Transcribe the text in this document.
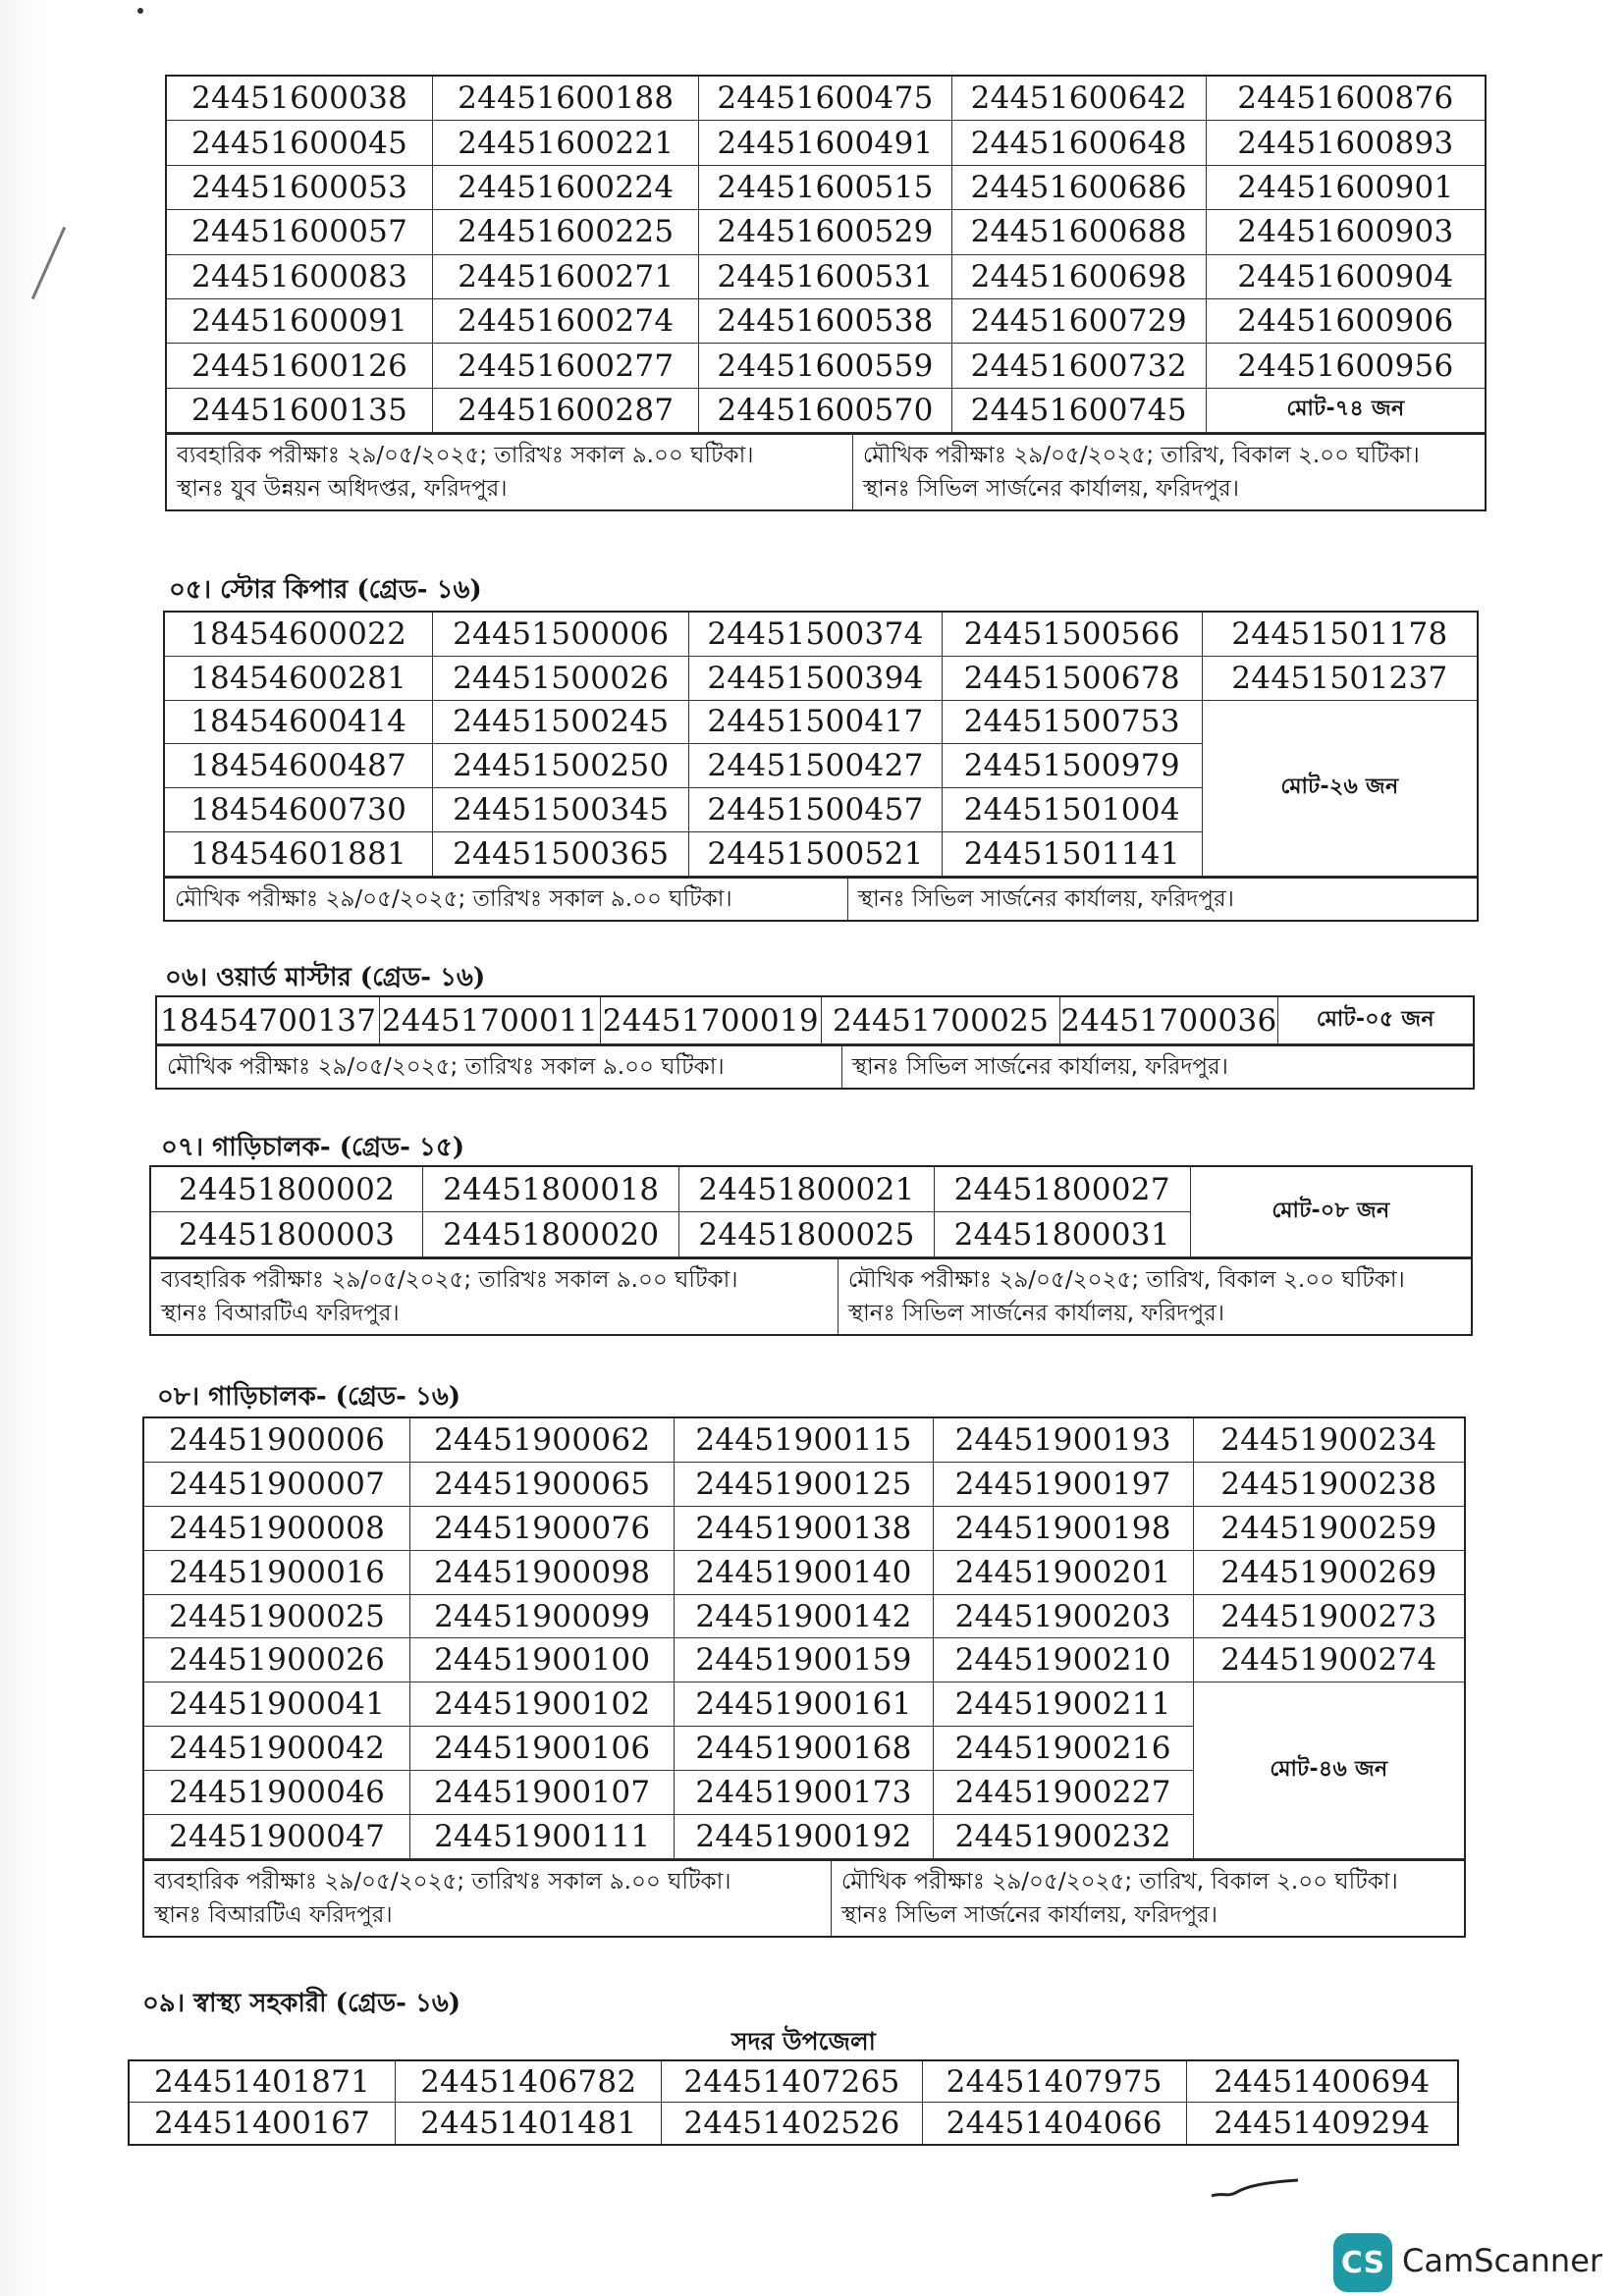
24451600038	24451600188	24451600475	24451600642	24451600876
24451600045	24451600221	24451600491	24451600648	24451600893
24451600053	24451600224	24451600515	24451600686	24451600901
24451600057	24451600225	24451600529	24451600688	24451600903
24451600083	24451600271	24451600531	24451600698	24451600904
24451600091	24451600274	24451600538	24451600729	24451600906
24451600126	24451600277	24451600559	24451600732	24451600956
24451600135	24451600287	24451600570	24451600745	মোট-৭৪ জন
ব্যবহারিক পরীক্ষাঃ ২৯/০৫/২০২৫; তারিখঃ সকাল ৯.০০ ঘটিকা।
স্থানঃ যুব উন্নয়ন অধিদপ্তর, ফরিদপুর।
মৌখিক পরীক্ষাঃ ২৯/০৫/২০২৫; তারিখ, বিকাল ২.০০ ঘটিকা।
স্থানঃ সিভিল সার্জনের কার্যালয়, ফরিদপুর।
০৫। স্টোর কিপার (গ্রেড- ১৬)
18454600022	24451500006	24451500374	24451500566	24451501178
18454600281	24451500026	24451500394	24451500678	24451501237
18454600414	24451500245	24451500417	24451500753
18454600487	24451500250	24451500427	24451500979
18454600730	24451500345	24451500457	24451501004
18454601881	24451500365	24451500521	24451501141
মোট-২৬ জন
মৌখিক পরীক্ষাঃ ২৯/০৫/২০২৫; তারিখঃ সকাল ৯.০০ ঘটিকা।	স্থানঃ সিভিল সার্জনের কার্যালয়, ফরিদপুর।
০৬। ওয়ার্ড মাস্টার (গ্রেড- ১৬)
18454700137 24451700011 24451700019 24451700025 24451700036	মোট-০৫ জন
মৌখিক পরীক্ষাঃ ২৯/০৫/২০২৫; তারিখঃ সকাল ৯.০০ ঘটিকা।	স্থানঃ সিভিল সার্জনের কার্যালয়, ফরিদপুর।
০৭। গাড়িচালক- (গ্রেড- ১৫)
24451800002	24451800018	24451800021	24451800027
24451800003	24451800020	24451800025	24451800031
মোট-০৮ জন
ব্যবহারিক পরীক্ষাঃ ২৯/০৫/২০২৫; তারিখঃ সকাল ৯.০০ ঘটিকা।
স্থানঃ বিআরটিএ ফরিদপুর।
মৌখিক পরীক্ষাঃ ২৯/০৫/২০২৫; তারিখ, বিকাল ২.০০ ঘটিকা।
স্থানঃ সিভিল সার্জনের কার্যালয়, ফরিদপুর।
০৮। গাড়িচালক- (গ্রেড- ১৬)
24451900006	24451900062	24451900115	24451900193	24451900234
24451900007	24451900065	24451900125	24451900197	24451900238
24451900008	24451900076	24451900138	24451900198	24451900259
24451900016	24451900098	24451900140	24451900201	24451900269
24451900025	24451900099	24451900142	24451900203	24451900273
24451900026	24451900100	24451900159	24451900210	24451900274
24451900041	24451900102	24451900161	24451900211
24451900042	24451900106	24451900168	24451900216
24451900046	24451900107	24451900173	24451900227
24451900047	24451900111	24451900192	24451900232
মোট-৪৬ জন
ব্যবহারিক পরীক্ষাঃ ২৯/০৫/২০২৫; তারিখঃ সকাল ৯.০০ ঘটিকা।
স্থানঃ বিআরটিএ ফরিদপুর।
মৌখিক পরীক্ষাঃ ২৯/০৫/২০২৫; তারিখ, বিকাল ২.০০ ঘটিকা।
স্থানঃ সিভিল সার্জনের কার্যালয়, ফরিদপুর।
০৯। স্বাস্থ্য সহকারী (গ্রেড- ১৬)
সদর উপজেলা
24451401871	24451406782	24451407265	24451407975	24451400694
24451400167	24451401481	24451402526	24451404066	24451409294
CS CamScanner
